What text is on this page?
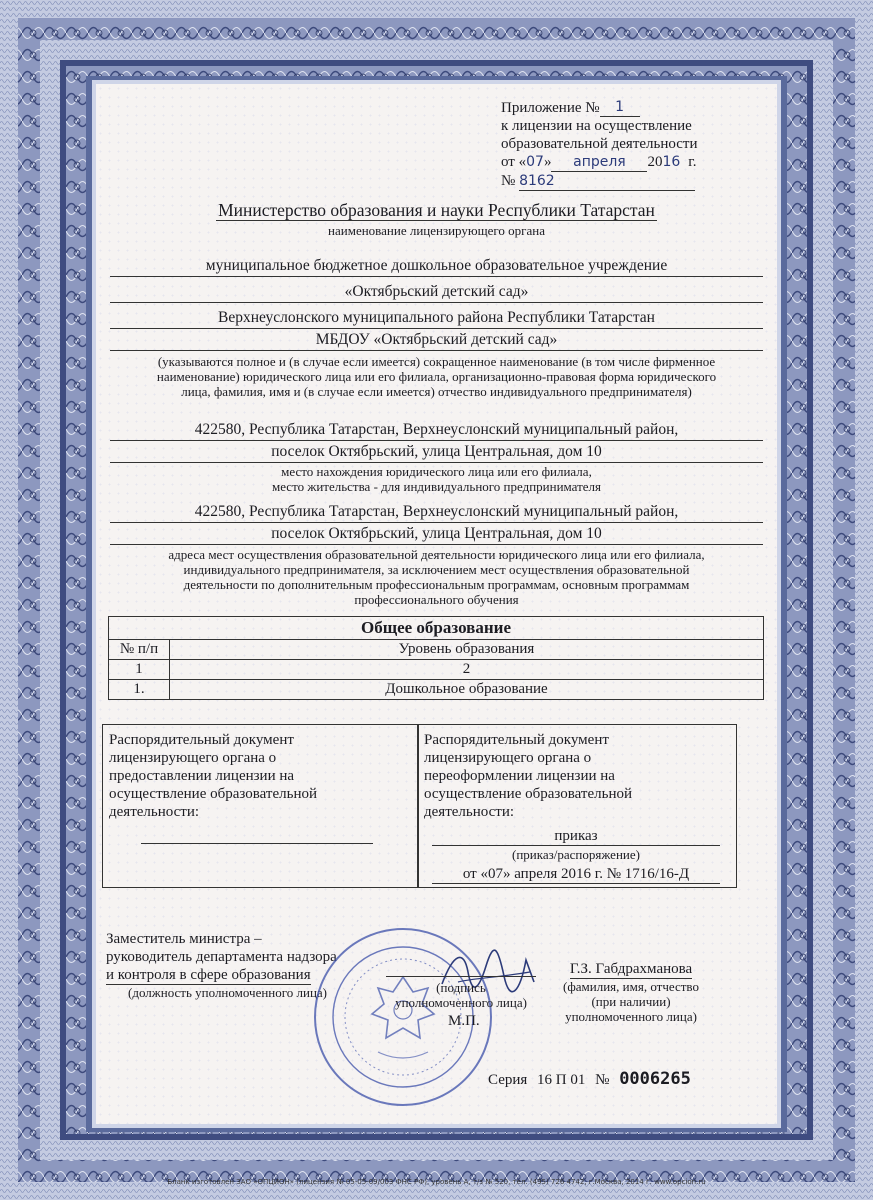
Приложение № 1
к лицензии на осуществление
образовательной деятельности
от «07» апреля 2016 г.
№ 8162
Министерство образования и науки Республики Татарстан
наименование лицензирующего органа
муниципальное бюджетное дошкольное образовательное учреждение
«Октябрьский детский сад»
Верхнеуслонского муниципального района Республики Татарстан
МБДОУ «Октябрьский детский сад»
(указываются полное и (в случае если имеется) сокращенное наименование (в том числе фирменное
наименование) юридического лица или его филиала, организационно-правовая форма юридического
лица, фамилия, имя и (в случае если имеется) отчество индивидуального предпринимателя)
422580, Республика Татарстан, Верхнеуслонский муниципальный район,
поселок Октябрьский, улица Центральная, дом 10
место нахождения юридического лица или его филиала,
место жительства - для индивидуального предпринимателя
422580, Республика Татарстан, Верхнеуслонский муниципальный район,
поселок Октябрьский, улица Центральная, дом 10
адреса мест осуществления образовательной деятельности юридического лица или его филиала,
индивидуального предпринимателя, за исключением мест осуществления образовательной
деятельности по дополнительным профессиональным программам, основным программам
профессионального обучения
Общее образование	
№ п/п	Уровень образования
1	2
1.	Дошкольное образование
Распорядительный документ
лицензирующего органа о
предоставлении лицензии на
осуществление образовательной
деятельности:
Распорядительный документ
лицензирующего органа о
переоформлении лицензии на
осуществление образовательной
деятельности:
приказ
(приказ/распоряжение)
от «07» апреля 2016 г. № 1716/16-Д
Заместитель министра –
руководитель департамента надзора
и контроля в сфере образования
(должность уполномоченного лица)	(подпись
уполномоченного лица)
М.П.
Г.З. Габдрахманова
(фамилия, имя, отчество
(при наличии)
уполномоченного лица)
Серия 16 П 01 № 0006265
Бланк изготовлен ЗАО «ОПЦИОН» (лицензия № 05-05-09/003 ФНС РФ), уровень А, т/з № 520, тел. (495) 726 4742, г.Москва, 2014 г. www.opcion.ru
